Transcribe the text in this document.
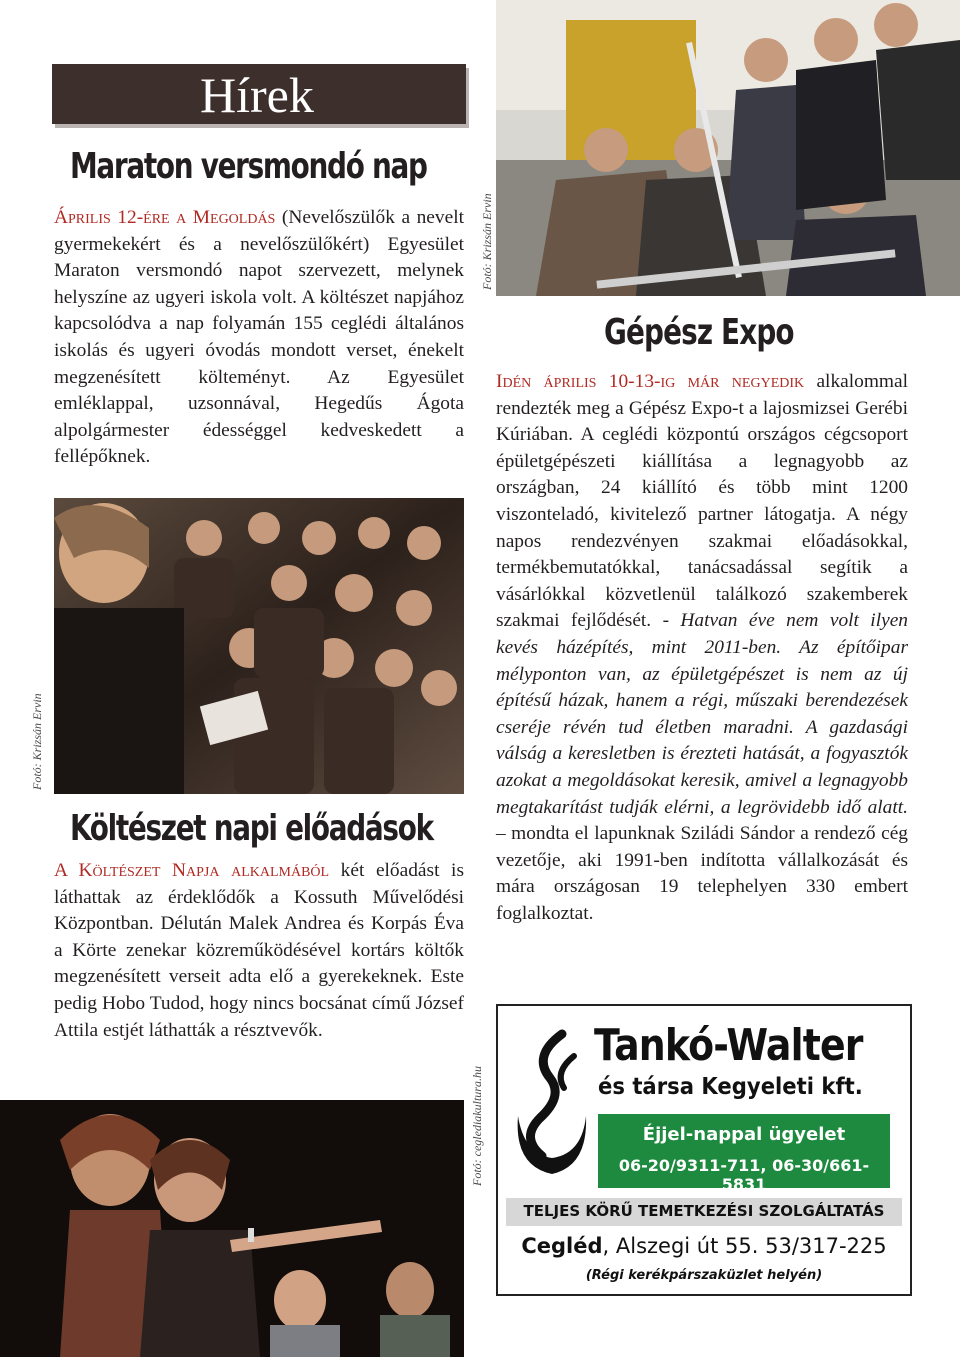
Hírek
Maraton versmondó nap
Április 12-ére a Megoldás (Nevelőszülők a nevelt gyermekekért és a nevelőszülőkért) Egyesület Maraton versmondó napot szervezett, melynek helyszíne az ugyeri iskola volt. A költészet napjához kapcsolódva a nap folyamán 155 ceglédi általános iskolás és ugyeri óvodás mondott verset, énekelt megzenésített költeményt. Az Egyesület emléklappal, uzsonnával, Hegedűs Ágota alpolgármester édességgel kedveskedett a fellépőknek.
Fotó: Krizsán Ervin
Költészet napi előadások
A Költészet Napja alkalmából két előadást is láthattak az érdeklődők a Kossuth Művelődési Központban. Délután Malek Andrea és Korpás Éva a Körte zenekar közreműködésével kortárs költők megzenésített verseit adta elő a gyerekeknek. Este pedig Hobo Tudod, hogy nincs bocsánat című József Attila estjét láthatták a résztvevők.
Fotó: ceglediakultura.hu
Fotó: Krizsán Ervin
Gépész Expo
Idén április 10-13-ig már negyedik alkalommal rendezték meg a Gépész Expo-t a lajosmizsei Gerébi Kúriában. A ceglédi központú országos cégcsoport épületgépészeti kiállítása a legnagyobb az országban, 24 kiállító és több mint 1200 viszonteladó, kivitelező partner látogatja. A négy napos rendezvényen szakmai előadásokkal, termékbemutatókkal, tanácsadással segítik a vásárlókkal közvetlenül találkozó szakemberek szakmai fejlődését. - Hatvan éve nem volt ilyen kevés házépítés, mint 2011-ben. Az építőipar mélyponton van, az épületgépészet is nem az új építésű házak, hanem a régi, műszaki berendezések cseréje révén tud életben maradni. A gazdasági válság a keresletben is érezteti hatását, a fogyasztók azokat a megoldásokat keresik, amivel a legnagyobb megtakarítást tudják elérni, a legrövidebb idő alatt. – mondta el lapunknak Sziládi Sándor a rendező cég vezetője, aki 1991-ben indította vállalkozását és mára országosan 19 telephelyen 330 embert foglalkoztat.
Tankó-Walter
és társa Kegyeleti kft.
Éjjel-nappal ügyelet
06-20/9311-711, 06-30/661-5831
TELJES KÖRŰ TEMETKEZÉSI SZOLGÁLTATÁS
Cegléd, Alszegi út 55. 53/317-225
(Régi kerékpárszaküzlet helyén)
